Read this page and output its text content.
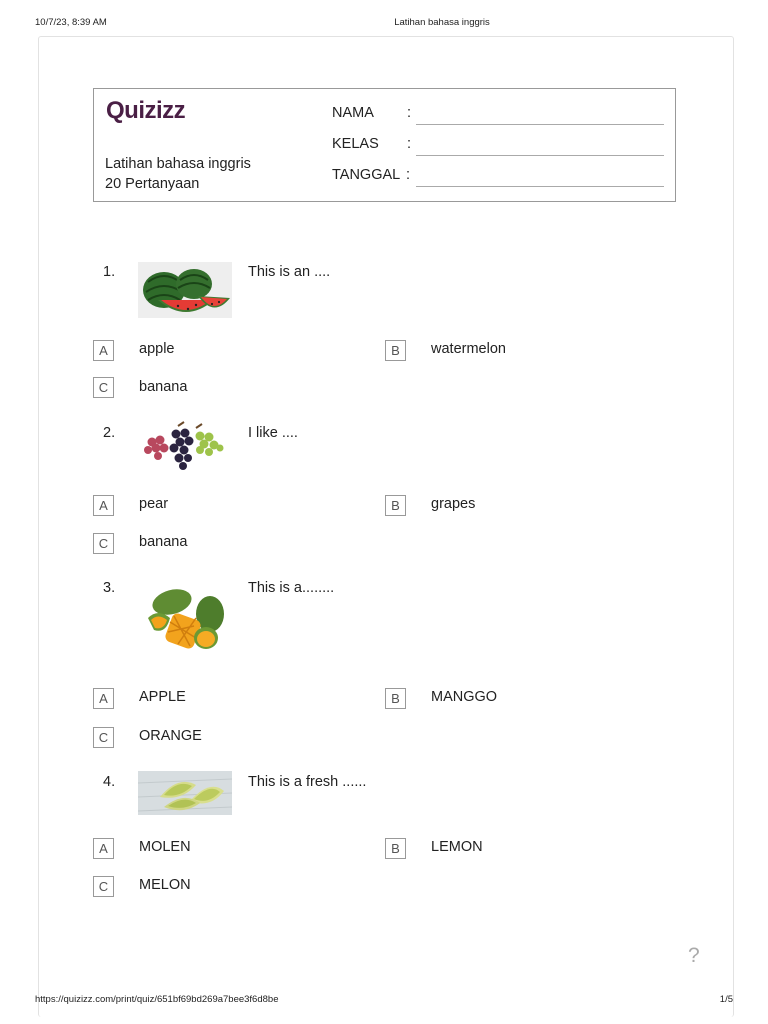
10/7/23, 8:39 AM	Latihan bahasa inggris
Quizizz
Latihan bahasa inggris
20 Pertanyaan
NAMA :
KELAS :
TANGGAL :
1.	This is an ....
A	apple	B	watermelon
C	banana
2.	I like ....
A	pear	B	grapes
C	banana
3.	This is a........
A	APPLE	B	MANGGO
C	ORANGE
4.	This is a fresh ......
A	MOLEN	B	LEMON
C	MELON
?
https://quizizz.com/print/quiz/651bf69bd269a7bee3f6d8be	1/5
